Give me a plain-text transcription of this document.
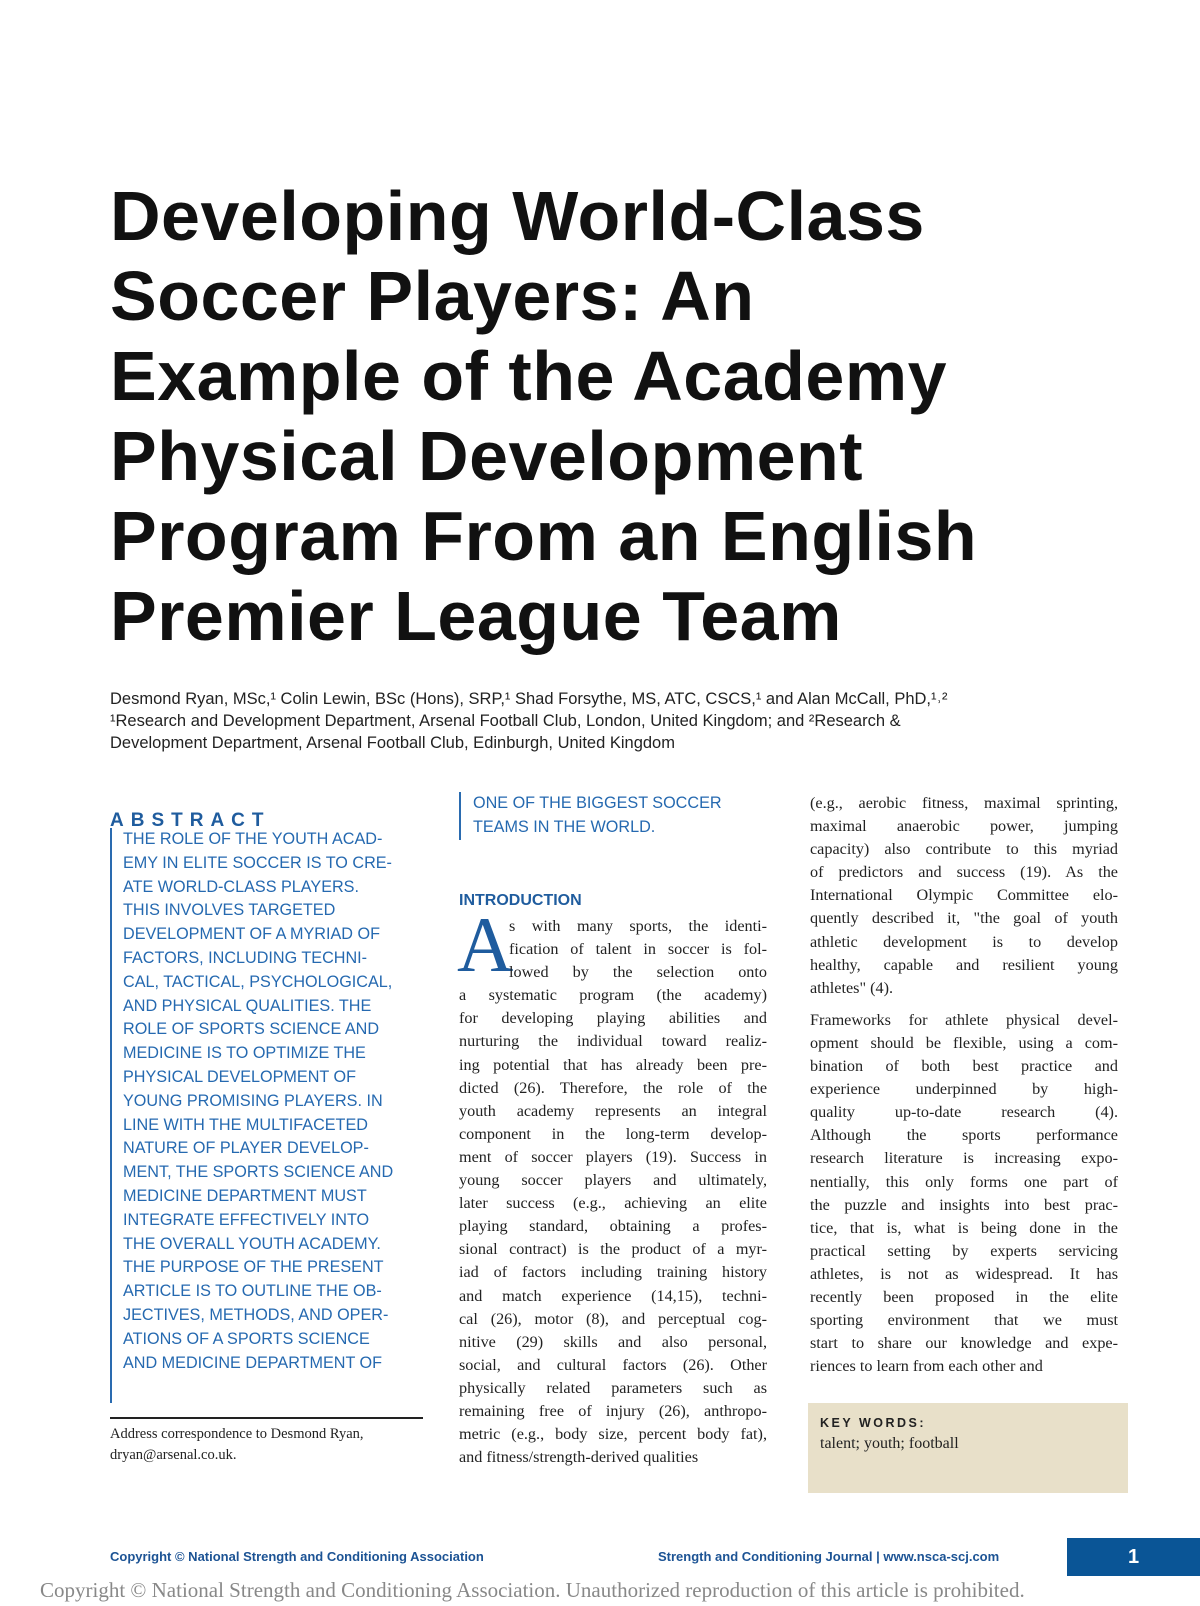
Developing World-Class
Soccer Players: An
Example of the Academy
Physical Development
Program From an English
Premier League Team
Desmond Ryan, MSc,¹ Colin Lewin, BSc (Hons), SRP,¹ Shad Forsythe, MS, ATC, CSCS,¹ and Alan McCall, PhD,¹˒²
¹Research and Development Department, Arsenal Football Club, London, United Kingdom; and ²Research &
Development Department, Arsenal Football Club, Edinburgh, United Kingdom
ABSTRACT
THE ROLE OF THE YOUTH ACAD-
EMY IN ELITE SOCCER IS TO CRE-
ATE WORLD-CLASS PLAYERS.
THIS INVOLVES TARGETED
DEVELOPMENT OF A MYRIAD OF
FACTORS, INCLUDING TECHNI-
CAL, TACTICAL, PSYCHOLOGICAL,
AND PHYSICAL QUALITIES. THE
ROLE OF SPORTS SCIENCE AND
MEDICINE IS TO OPTIMIZE THE
PHYSICAL DEVELOPMENT OF
YOUNG PROMISING PLAYERS. IN
LINE WITH THE MULTIFACETED
NATURE OF PLAYER DEVELOP-
MENT, THE SPORTS SCIENCE AND
MEDICINE DEPARTMENT MUST
INTEGRATE EFFECTIVELY INTO
THE OVERALL YOUTH ACADEMY.
THE PURPOSE OF THE PRESENT
ARTICLE IS TO OUTLINE THE OB-
JECTIVES, METHODS, AND OPER-
ATIONS OF A SPORTS SCIENCE
AND MEDICINE DEPARTMENT OF
Address correspondence to Desmond Ryan,
dryan@arsenal.co.uk.
ONE OF THE BIGGEST SOCCER
TEAMS IN THE WORLD.
INTRODUCTION
A
s with many sports, the identi-
fication of talent in soccer is fol-
lowed by the selection onto
a systematic program (the academy)
for developing playing abilities and
nurturing the individual toward realiz-
ing potential that has already been pre-
dicted (26). Therefore, the role of the
youth academy represents an integral
component in the long-term develop-
ment of soccer players (19). Success in
young soccer players and ultimately,
later success (e.g., achieving an elite
playing standard, obtaining a profes-
sional contract) is the product of a myr-
iad of factors including training history
and match experience (14,15), techni-
cal (26), motor (8), and perceptual cog-
nitive (29) skills and also personal,
social, and cultural factors (26). Other
physically related parameters such as
remaining free of injury (26), anthropo-
metric (e.g., body size, percent body fat),
and fitness/strength-derived qualities
(e.g., aerobic fitness, maximal sprinting,
maximal anaerobic power, jumping
capacity) also contribute to this myriad
of predictors and success (19). As the
International Olympic Committee elo-
quently described it, "the goal of youth
athletic development is to develop
healthy, capable and resilient young
athletes" (4).
Frameworks for athlete physical devel-
opment should be flexible, using a com-
bination of both best practice and
experience underpinned by high-
quality up-to-date research (4).
Although the sports performance
research literature is increasing expo-
nentially, this only forms one part of
the puzzle and insights into best prac-
tice, that is, what is being done in the
practical setting by experts servicing
athletes, is not as widespread. It has
recently been proposed in the elite
sporting environment that we must
start to share our knowledge and expe-
riences to learn from each other and
KEY WORDS:
talent; youth; football
Copyright © National Strength and Conditioning Association	Strength and Conditioning Journal | www.nsca-scj.com	1
Copyright © National Strength and Conditioning Association. Unauthorized reproduction of this article is prohibited.
